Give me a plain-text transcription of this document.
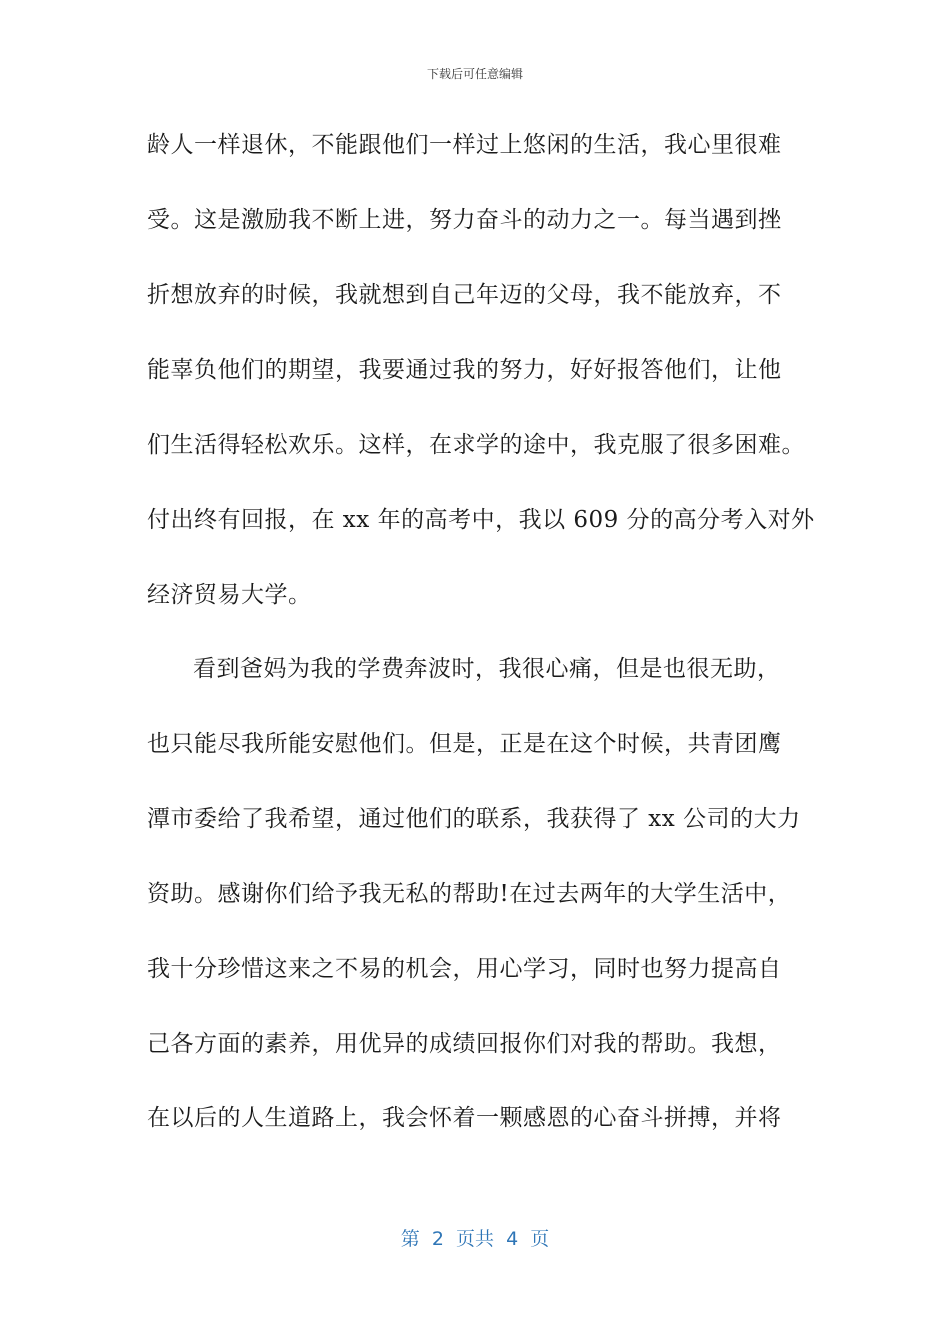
下载后可任意编辑
龄人一样退休，不能跟他们一样过上悠闲的生活，我心里很难
受。这是激励我不断上进，努力奋斗的动力之一。每当遇到挫
折想放弃的时候，我就想到自己年迈的父母，我不能放弃，不
能辜负他们的期望，我要通过我的努力，好好报答他们，让他
们生活得轻松欢乐。这样，在求学的途中，我克服了很多困难。
付出终有回报，在 xx 年的高考中，我以 609 分的高分考入对外
经济贸易大学。
看到爸妈为我的学费奔波时，我很心痛，但是也很无助，
也只能尽我所能安慰他们。但是，正是在这个时候，共青团鹰
潭市委给了我希望，通过他们的联系，我获得了 xx 公司的大力
资助。感谢你们给予我无私的帮助!在过去两年的大学生活中，
我十分珍惜这来之不易的机会，用心学习，同时也努力提高自
己各方面的素养，用优异的成绩回报你们对我的帮助。我想，
在以后的人生道路上，我会怀着一颗感恩的心奋斗拼搏，并将
第  2  页共  4  页
